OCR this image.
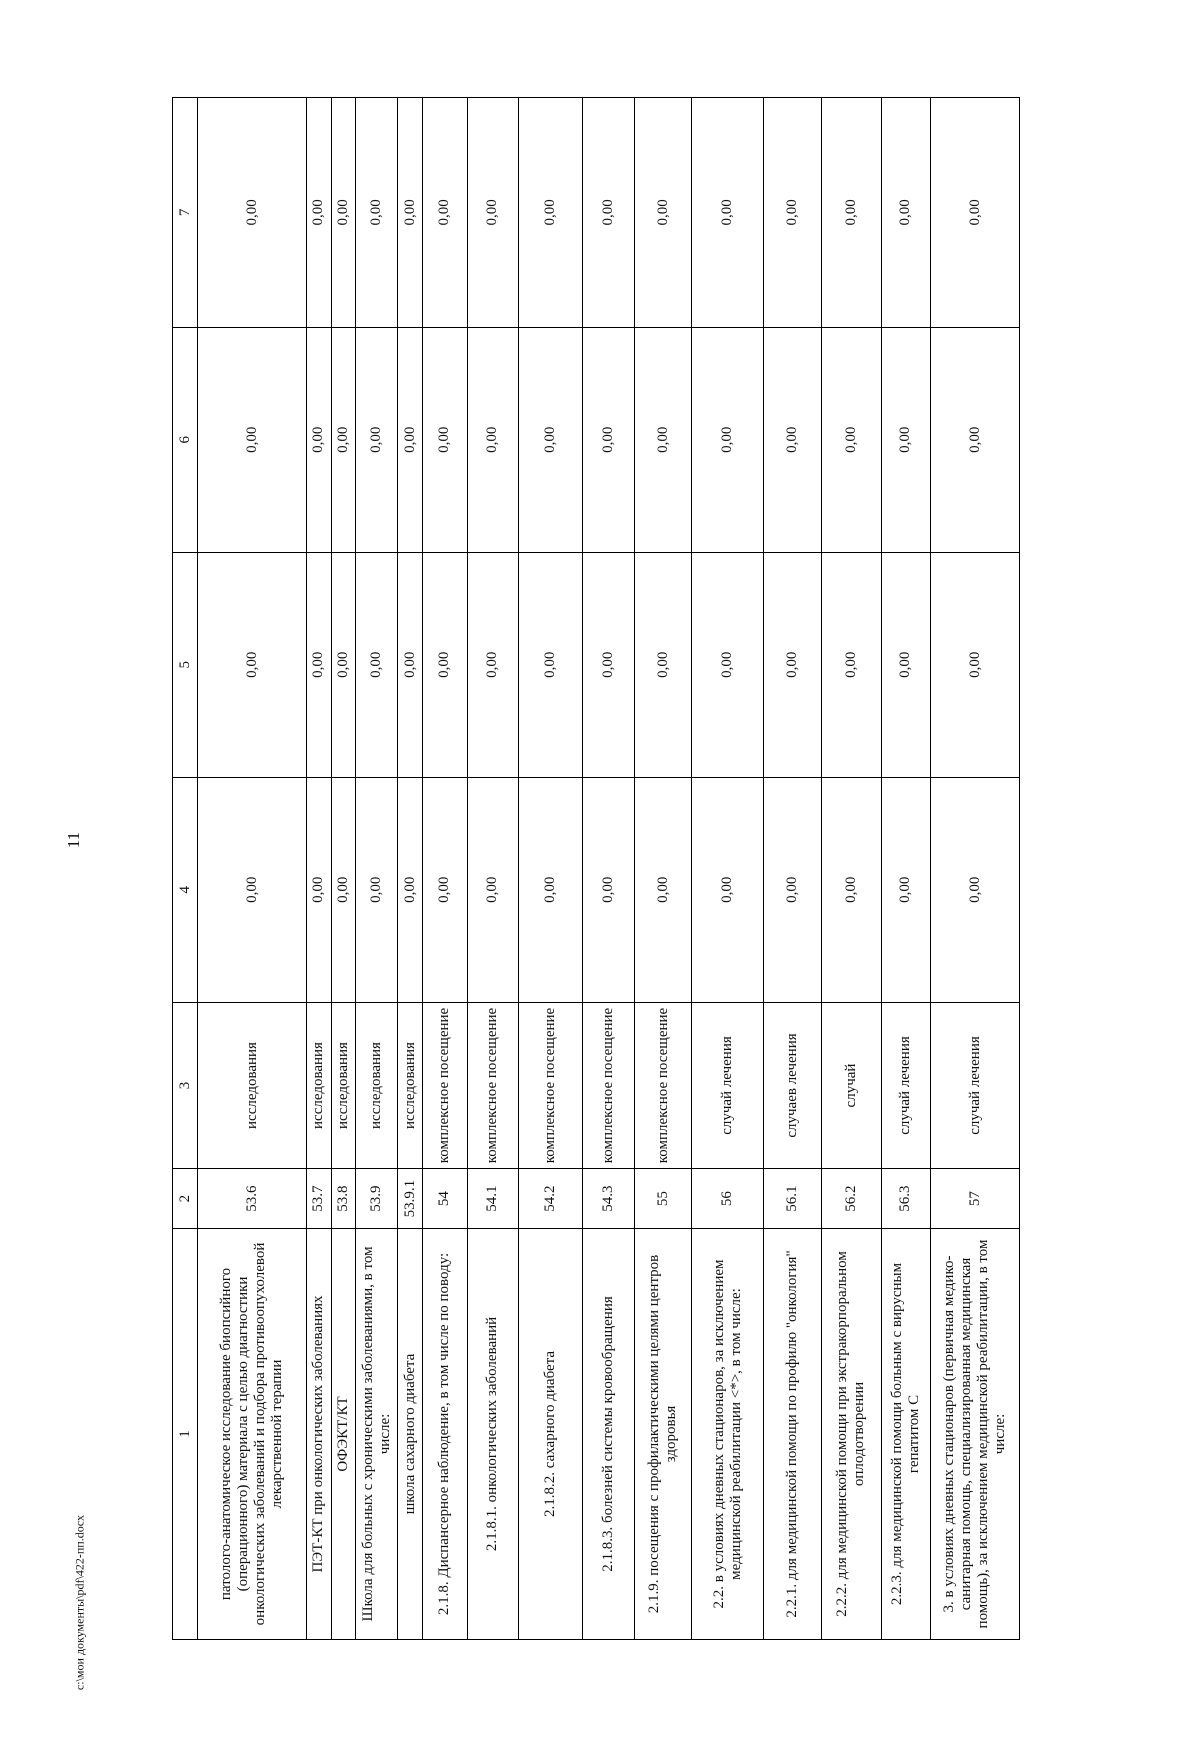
11
1	2	3	4	5	6	7
патолого-анатомическое исследование биопсийного (операционного) материала с целью диагностики онкологических заболеваний и подбора противоопухолевой лекарственной терапии	53.6	исследования	0,00	0,00	0,00	0,00
ПЭТ-КТ при онкологических заболеваниях	53.7	исследования	0,00	0,00	0,00	0,00
ОФЭКТ/КТ	53.8	исследования	0,00	0,00	0,00	0,00
Школа для больных с хроническими заболеваниями, в том числе:	53.9	исследования	0,00	0,00	0,00	0,00
школа сахарного диабета	53.9.1	исследования	0,00	0,00	0,00	0,00
2.1.8. Диспансерное наблюдение, в том числе по поводу:	54	комплексное посещение	0,00	0,00	0,00	0,00
2.1.8.1. онкологических заболеваний	54.1	комплексное посещение	0,00	0,00	0,00	0,00
2.1.8.2. сахарного диабета	54.2	комплексное посещение	0,00	0,00	0,00	0,00
2.1.8.3. болезней системы кровообращения	54.3	комплексное посещение	0,00	0,00	0,00	0,00
2.1.9. посещения с профилактическими целями центров здоровья	55	комплексное посещение	0,00	0,00	0,00	0,00
2.2. в условиях дневных стационаров, за исключением медицинской реабилитации <*>, в том числе:	56	случай лечения	0,00	0,00	0,00	0,00
2.2.1. для медицинской помощи по профилю "онкология"	56.1	случаев лечения	0,00	0,00	0,00	0,00
2.2.2. для медицинской помощи при экстракорпоральном оплодотворении	56.2	случай	0,00	0,00	0,00	0,00
2.2.3. для медицинской помощи больным с вирусным гепатитом С	56.3	случай лечения	0,00	0,00	0,00	0,00
3. в условиях дневных стационаров (первичная медико-санитарная помощь, специализированная медицинская помощь), за исключением медицинской реабилитации, в том числе:	57	случай лечения	0,00	0,00	0,00	0,00
c:\мои документы\pdf\422-пп.docx
